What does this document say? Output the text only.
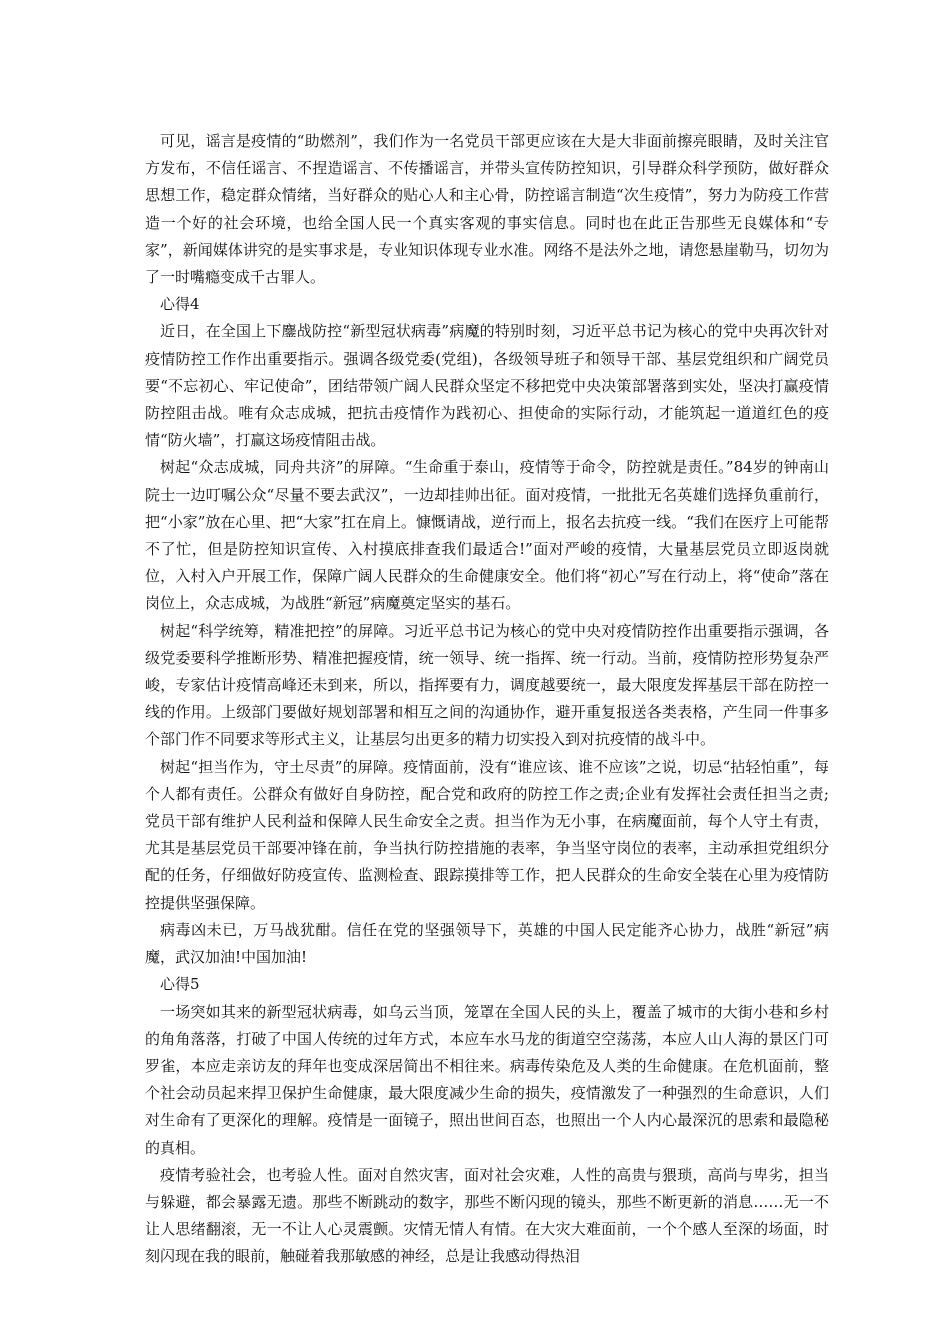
可见，谣言是疫情的“助燃剂”，我们作为一名党员干部更应该在大是大非面前擦亮眼睛，及时关注官方发布，不信任谣言、不捏造谣言、不传播谣言，并带头宣传防控知识，引导群众科学预防，做好群众思想工作，稳定群众情绪，当好群众的贴心人和主心骨，防控谣言制造“次生疫情”，努力为防疫工作营造一个好的社会环境，也给全国人民一个真实客观的事实信息。同时也在此正告那些无良媒体和“专家”，新闻媒体讲究的是实事求是，专业知识体现专业水准。网络不是法外之地，请您悬崖勒马，切勿为了一时嘴瘾变成千古罪人。

心得4

近日，在全国上下鏖战防控“新型冠状病毒”病魔的特别时刻，习近平总书记为核心的党中央再次针对疫情防控工作作出重要指示。强调各级党委(党组)，各级领导班子和领导干部、基层党组织和广阔党员要“不忘初心、牢记使命”，团结带领广阔人民群众坚定不移把党中央决策部署落到实处，坚决打赢疫情防控阻击战。唯有众志成城，把抗击疫情作为践初心、担使命的实际行动，才能筑起一道道红色的疫情“防火墙”，打赢这场疫情阻击战。

树起“众志成城，同舟共济”的屏障。“生命重于泰山，疫情等于命令，防控就是责任。”84岁的钟南山院士一边叮嘱公众“尽量不要去武汉”，一边却挂帅出征。面对疫情，一批批无名英雄们选择负重前行，把“小家”放在心里、把“大家”扛在肩上。慷慨请战，逆行而上，报名去抗疫一线。“我们在医疗上可能帮不了忙，但是防控知识宣传、入村摸底排查我们最适合!”面对严峻的疫情，大量基层党员立即返岗就位，入村入户开展工作，保障广阔人民群众的生命健康安全。他们将“初心”写在行动上，将“使命”落在岗位上，众志成城，为战胜“新冠”病魔奠定坚实的基石。

树起“科学统筹，精准把控”的屏障。习近平总书记为核心的党中央对疫情防控作出重要指示强调，各级党委要科学推断形势、精准把握疫情，统一领导、统一指挥、统一行动。当前，疫情防控形势复杂严峻，专家估计疫情高峰还未到来，所以，指挥要有力，调度越要统一，最大限度发挥基层干部在防控一线的作用。上级部门要做好规划部署和相互之间的沟通协作，避开重复报送各类表格，产生同一件事多个部门作不同要求等形式主义，让基层匀出更多的精力切实投入到对抗疫情的战斗中。

树起“担当作为，守土尽责”的屏障。疫情面前，没有“谁应该、谁不应该”之说，切忌“拈轻怕重”，每个人都有责任。公群众有做好自身防控，配合党和政府的防控工作之责;企业有发挥社会责任担当之责;党员干部有维护人民利益和保障人民生命安全之责。担当作为无小事，在病魔面前，每个人守土有责，尤其是基层党员干部要冲锋在前，争当执行防控措施的表率，争当坚守岗位的表率，主动承担党组织分配的任务，仔细做好防疫宣传、监测检查、跟踪摸排等工作，把人民群众的生命安全装在心里为疫情防控提供坚强保障。

病毒凶未已，万马战犹酣。信任在党的坚强领导下，英雄的中国人民定能齐心协力，战胜“新冠”病魔，武汉加油!中国加油!

心得5

一场突如其来的新型冠状病毒，如乌云当顶，笼罩在全国人民的头上，覆盖了城市的大街小巷和乡村的角角落落，打破了中国人传统的过年方式，本应车水马龙的街道空空荡荡，本应人山人海的景区门可罗雀，本应走亲访友的拜年也变成深居简出不相往来。病毒传染危及人类的生命健康。在危机面前，整个社会动员起来捍卫保护生命健康，最大限度减少生命的损失，疫情激发了一种强烈的生命意识，人们对生命有了更深化的理解。疫情是一面镜子，照出世间百态，也照出一个人内心最深沉的思索和最隐秘的真相。

疫情考验社会，也考验人性。面对自然灾害，面对社会灾难，人性的高贵与猥琐，高尚与卑劣，担当与躲避，都会暴露无遗。那些不断跳动的数字，那些不断闪现的镜头，那些不断更新的消息……无一不让人思绪翻滚，无一不让人心灵震颤。灾情无情人有情。在大灾大难面前，一个个感人至深的场面，时刻闪现在我的眼前，触碰着我那敏感的神经，总是让我感动得热泪
